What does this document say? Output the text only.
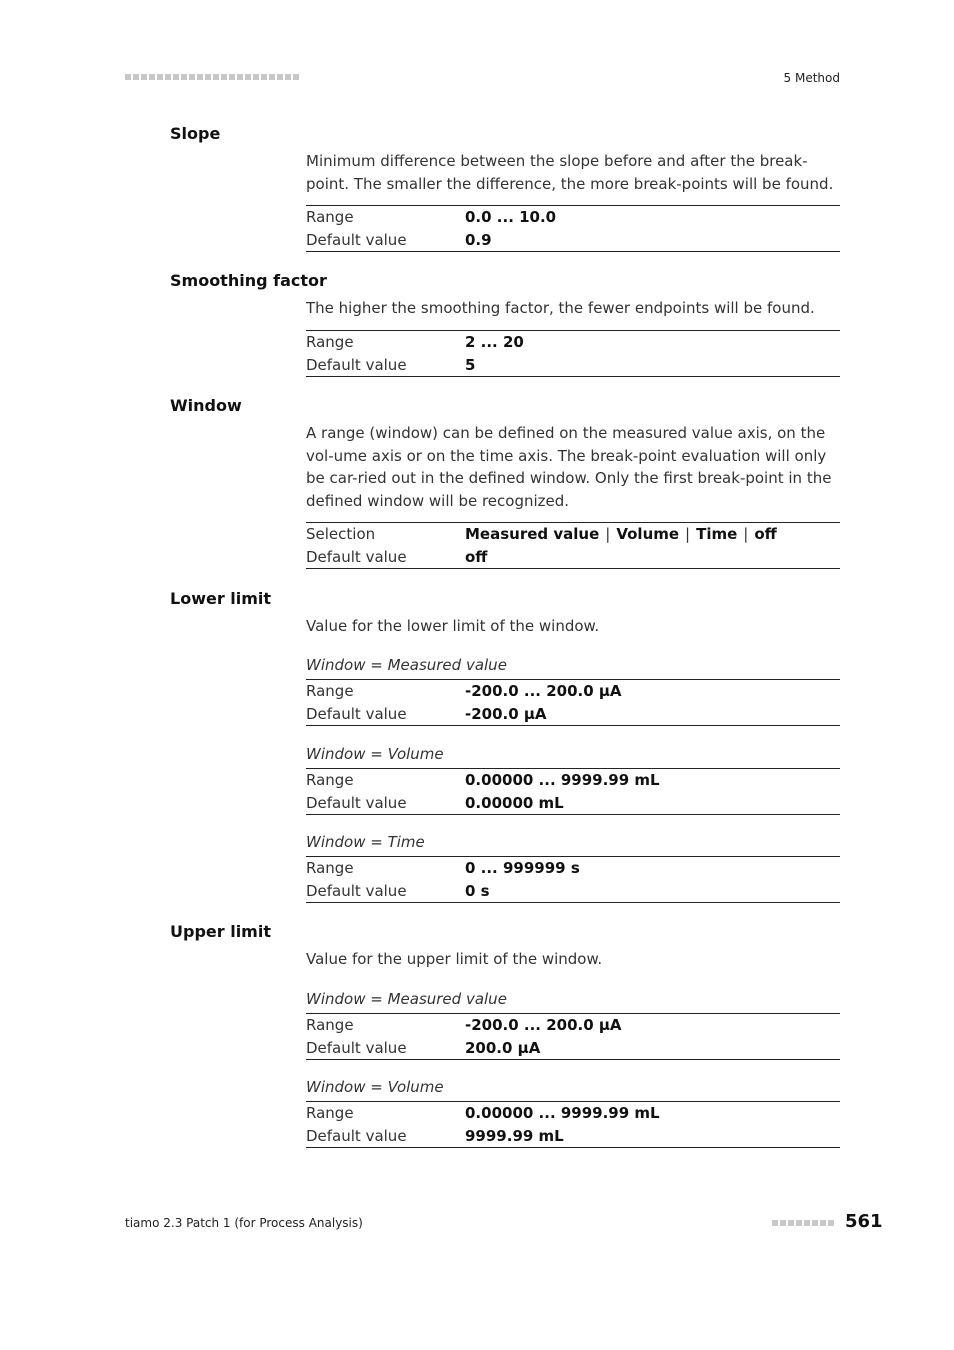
5 Method
Slope
Minimum difference between the slope before and after the break-point. The smaller the difference, the more break-points will be found.
Range	0.0 ... 10.0
Default value	0.9
Smoothing factor
The higher the smoothing factor, the fewer endpoints will be found.
Range	2 ... 20
Default value	5
Window
A range (window) can be defined on the measured value axis, on the vol-ume axis or on the time axis. The break-point evaluation will only be car-ried out in the defined window. Only the first break-point in the defined window will be recognized.
Selection	Measured value | Volume | Time | off
Default value	off
Lower limit
Value for the lower limit of the window.
Window = Measured value
Range	-200.0 ... 200.0 µA
Default value	-200.0 µA
Window = Volume
Range	0.00000 ... 9999.99 mL
Default value	0.00000 mL
Window = Time
Range	0 ... 999999 s
Default value	0 s
Upper limit
Value for the upper limit of the window.
Window = Measured value
Range	-200.0 ... 200.0 µA
Default value	200.0 µA
Window = Volume
Range	0.00000 ... 9999.99 mL
Default value	9999.99 mL
tiamo 2.3 Patch 1 (for Process Analysis)	561
